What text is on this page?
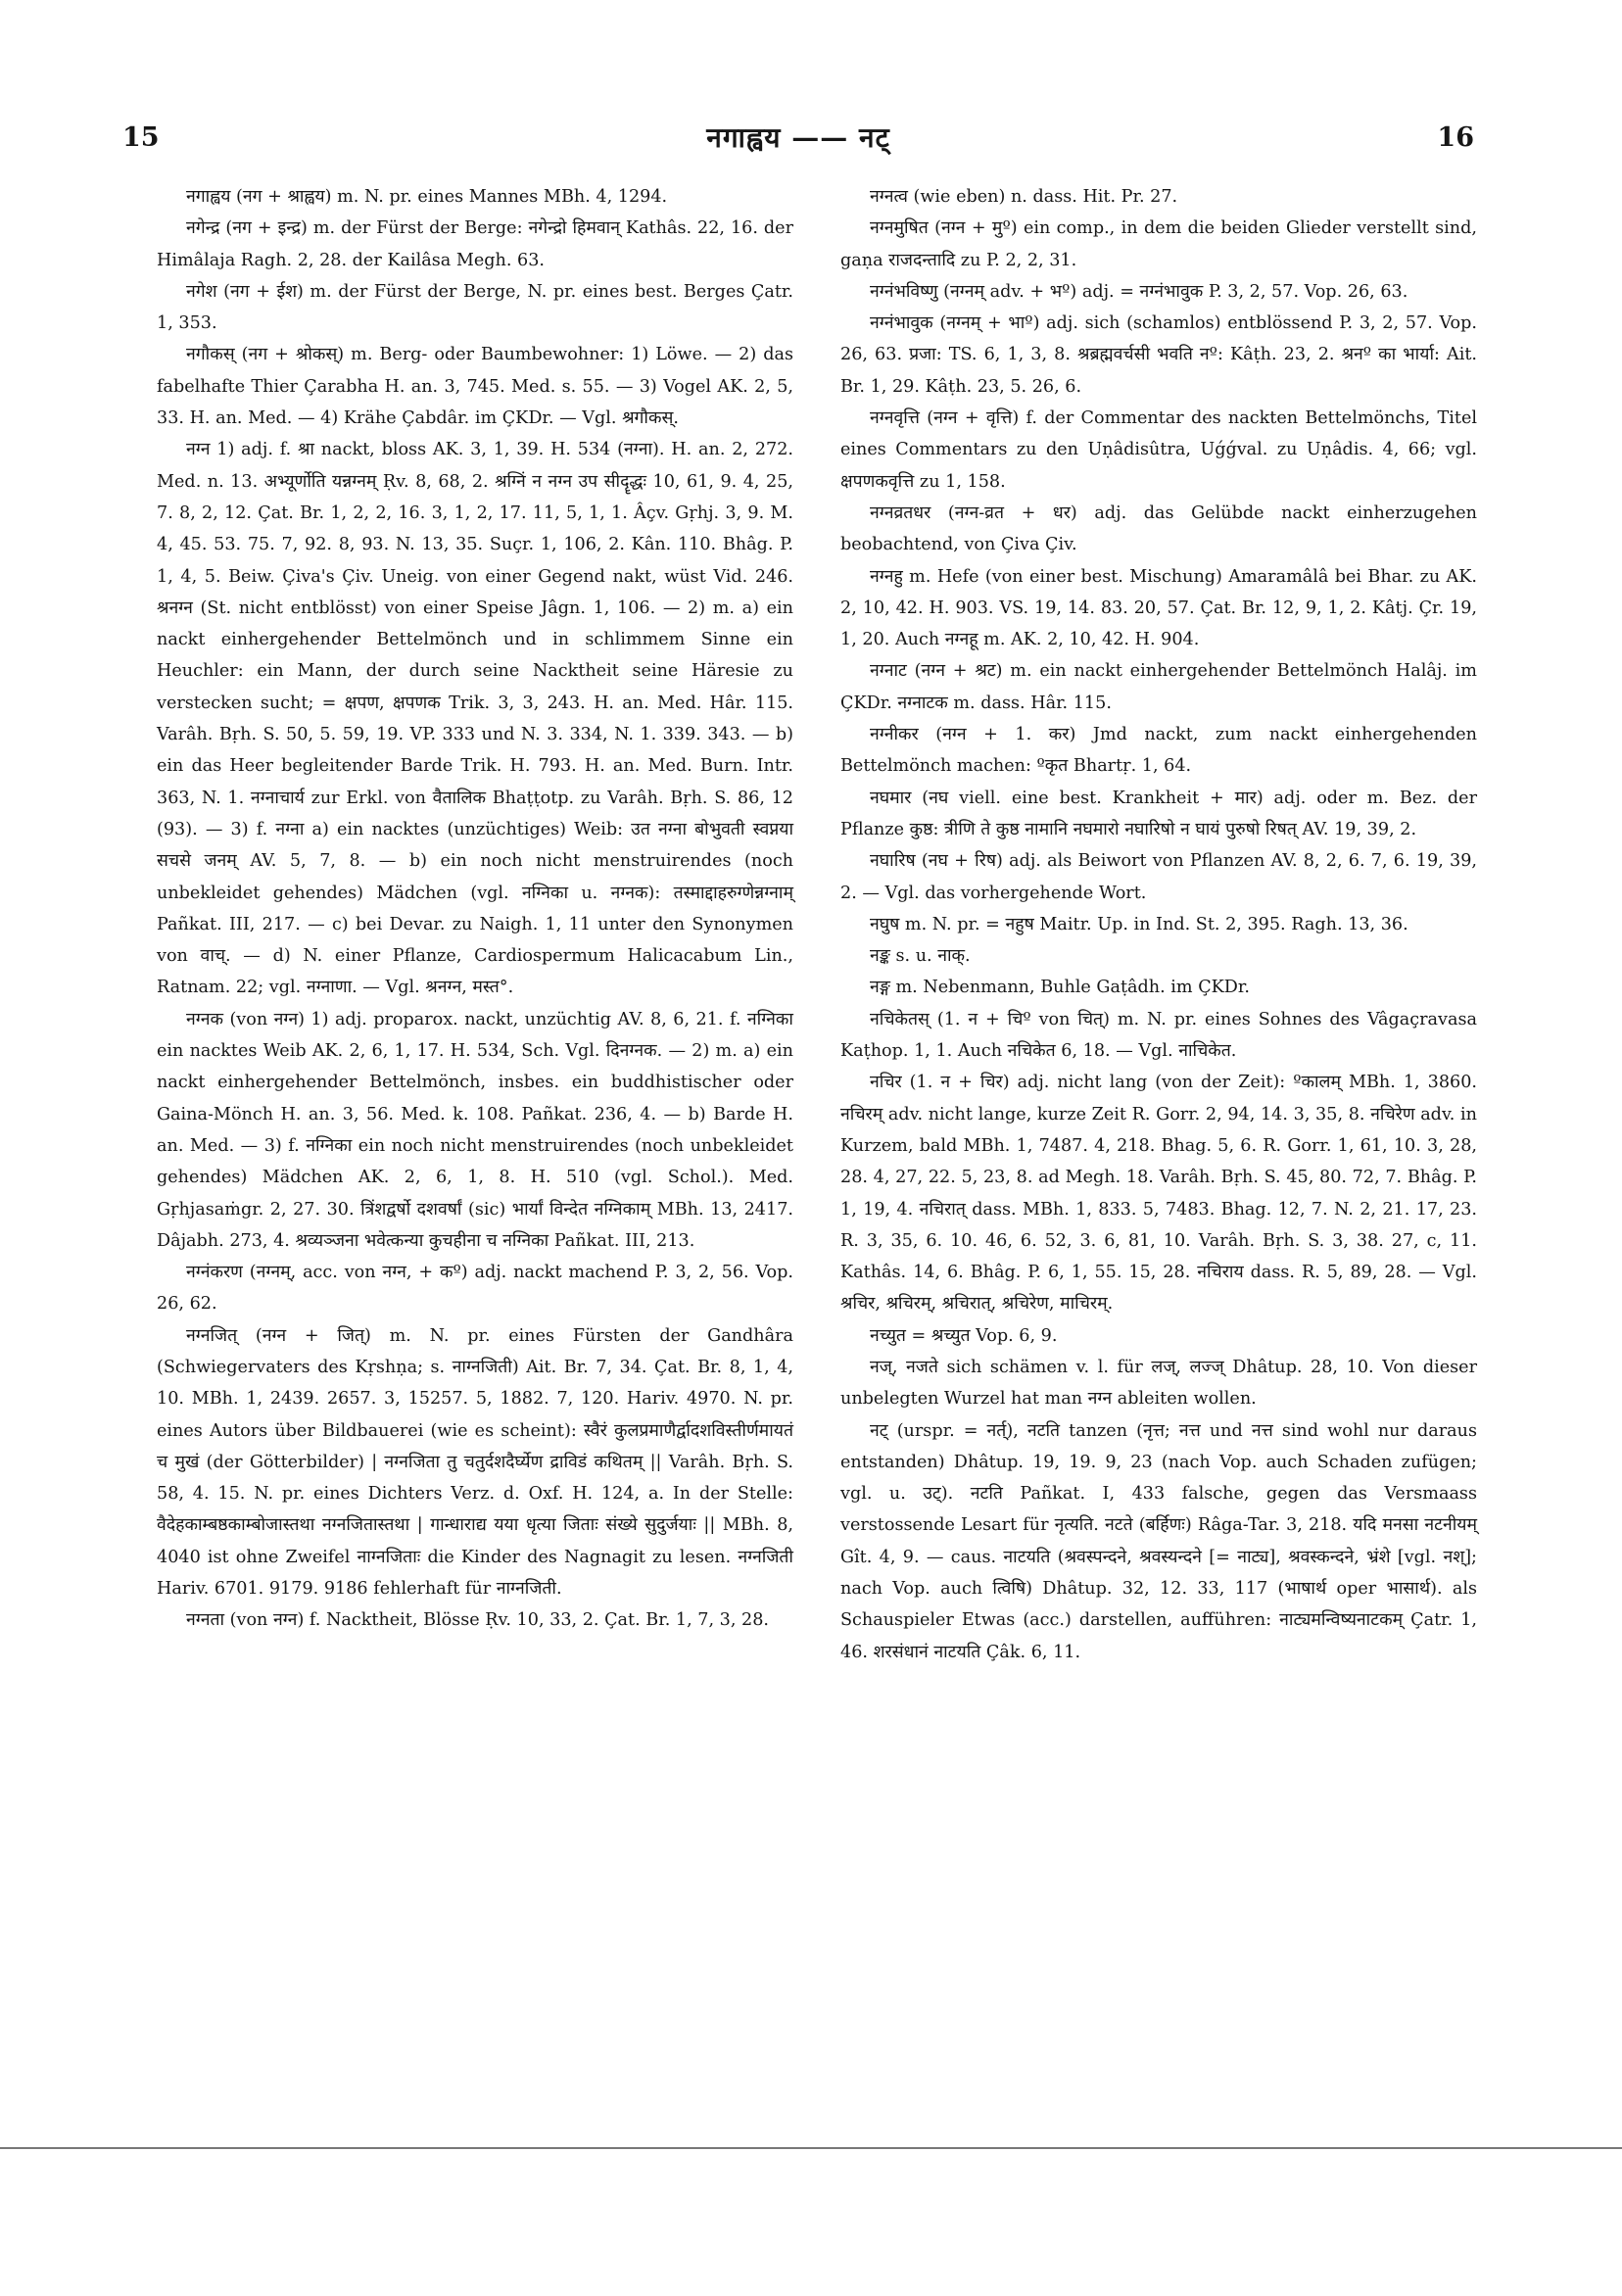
15	नगाह्वय —— नट्	16

नगाह्वय (नग + श्राह्वय) m. N. pr. eines Mannes MBh. 4, 1294.

नगेन्द्र (नग + इन्द्र) m. der Fürst der Berge: नगेन्द्रो हिमवान् Kathâs. 22, 16. der Himâlaja Ragh. 2, 28. der Kailâsa Megh. 63.

नगेश (नग + ईश) m. der Fürst der Berge, N. pr. eines best. Berges Çatr. 1, 353.

नगौकस् (नग + श्रोकस्) m. Berg- oder Baumbewohner: 1) Löwe. — 2) das fabelhafte Thier Çarabha H. an. 3, 745. Med. s. 55. — 3) Vogel AK. 2, 5, 33. H. an. Med. — 4) Krähe Çabdâr. im ÇKDr. — Vgl. श्रगौकस्.

नग्न 1) adj. f. श्रा nackt, bloss AK. 3, 1, 39. H. 534 (नग्ना). H. an. 2, 272. Med. n. 13. अभ्यूर्णोति यन्नग्नम् Ṛv. 8, 68, 2. श्रग्निं न नग्न उप सीदॄद्धः 10, 61, 9. 4, 25, 7. 8, 2, 12. Çat. Br. 1, 2, 2, 16. 3, 1, 2, 17. 11, 5, 1, 1. Âçv. Gṛhj. 3, 9. M. 4, 45. 53. 75. 7, 92. 8, 93. N. 13, 35. Suçr. 1, 106, 2. Kân. 110. Bhâg. P. 1, 4, 5. Beiw. Çiva's Çiv. Uneig. von einer Gegend nakt, wüst Vid. 246. श्रनग्न (St. nicht entblösst) von einer Speise Jâgn. 1, 106. — 2) m. a) ein nackt einhergehender Bettelmönch und in schlimmem Sinne ein Heuchler: ein Mann, der durch seine Nacktheit seine Häresie zu verstecken sucht; = क्षपण, क्षपणक Trik. 3, 3, 243. H. an. Med. Hâr. 115. Varâh. Bṛh. S. 50, 5. 59, 19. VP. 333 und N. 3. 334, N. 1. 339. 343. — b) ein das Heer begleitender Barde Trik. H. 793. H. an. Med. Burn. Intr. 363, N. 1. नग्नाचार्य zur Erkl. von वैतालिक Bhaṭṭotp. zu Varâh. Bṛh. S. 86, 12 (93). — 3) f. नग्ना a) ein nacktes (unzüchtiges) Weib: उत नग्ना बोभुवती स्वप्नया सचसे जनम् AV. 5, 7, 8. — b) ein noch nicht menstruirendes (noch unbekleidet gehendes) Mädchen (vgl. नग्निका u. नग्नक): तस्माद्दाहरुग्णेन्नग्नाम् Pañkat. III, 217. — c) bei Devar. zu Naigh. 1, 11 unter den Synonymen von वाच्. — d) N. einer Pflanze, Cardiospermum Halicacabum Lin., Ratnam. 22; vgl. नग्नाणा. — Vgl. श्रनग्न, मस्त°.

नग्नक (von नग्न) 1) adj. proparox. nackt, unzüchtig AV. 8, 6, 21. f. नग्निका ein nacktes Weib AK. 2, 6, 1, 17. H. 534, Sch. Vgl. दिनग्नक. — 2) m. a) ein nackt einhergehender Bettelmönch, insbes. ein buddhistischer oder Gaina-Mönch H. an. 3, 56. Med. k. 108. Pañkat. 236, 4. — b) Barde H. an. Med. — 3) f. नग्निका ein noch nicht menstruirendes (noch unbekleidet gehendes) Mädchen AK. 2, 6, 1, 8. H. 510 (vgl. Schol.). Med. Gṛhjasaṁgr. 2, 27. 30. त्रिंशद्वर्षो दशवर्षां (sic) भार्यां विन्देत नग्निकाम् MBh. 13, 2417. Dâjabh. 273, 4. श्रव्यञ्जना भवेत्कन्या कुचहीना च नग्निका Pañkat. III, 213.

नग्नंकरण (नग्नम्, acc. von नग्न, + कº) adj. nackt machend P. 3, 2, 56. Vop. 26, 62.

नग्नजित् (नग्न + जित्) m. N. pr. eines Fürsten der Gandhâra (Schwiegervaters des Kṛshṇa; s. नाग्नजिती) Ait. Br. 7, 34. Çat. Br. 8, 1, 4, 10. MBh. 1, 2439. 2657. 3, 15257. 5, 1882. 7, 120. Hariv. 4970. N. pr. eines Autors über Bildbauerei (wie es scheint): स्वैरं कुलप्रमाणैर्द्वादशविस्तीर्णमायतं च मुखं (der Götterbilder) | नग्नजिता तु चतुर्दशदैर्घ्येण द्राविडं कथितम् || Varâh. Bṛh. S. 58, 4. 15. N. pr. eines Dichters Verz. d. Oxf. H. 124, a. In der Stelle: वैदेहकाम्बष्ठकाम्बोजास्तथा नग्नजितास्तथा | गान्धाराद्य यया धृत्या जिताः संख्ये सुदुर्जयाः || MBh. 8, 4040 ist ohne Zweifel नाग्नजिताः die Kinder des Nagnagit zu lesen. नग्नजिती Hariv. 6701. 9179. 9186 fehlerhaft für नाग्नजिती.

नग्नता (von नग्न) f. Nacktheit, Blösse Ṛv. 10, 33, 2. Çat. Br. 1, 7, 3, 28.

नग्नत्व (wie eben) n. dass. Hit. Pr. 27.

नग्नमुषित (नग्न + मुº) ein comp., in dem die beiden Glieder verstellt sind, gaṇa राजदन्तादि zu P. 2, 2, 31.

नग्नंभविष्णु (नग्नम् adv. + भº) adj. = नग्नंभावुक P. 3, 2, 57. Vop. 26, 63.

नग्नंभावुक (नग्नम् + भाº) adj. sich (schamlos) entblössend P. 3, 2, 57. Vop. 26, 63. प्रजा: TS. 6, 1, 3, 8. श्रब्रह्मवर्चसी भवति नº: Kâṭh. 23, 2. श्रनº का भार्या: Ait. Br. 1, 29. Kâṭh. 23, 5. 26, 6.

नग्नवृत्ति (नग्न + वृत्ति) f. der Commentar des nackten Bettelmönchs, Titel eines Commentars zu den Uṇâdisûtra, Uǵǵval. zu Uṇâdis. 4, 66; vgl. क्षपणकवृत्ति zu 1, 158.

नग्नव्रतधर (नग्न-व्रत + धर) adj. das Gelübde nackt einherzugehen beobachtend, von Çiva Çiv.

नग्नहु m. Hefe (von einer best. Mischung) Amaramâlâ bei Bhar. zu AK. 2, 10, 42. H. 903. VS. 19, 14. 83. 20, 57. Çat. Br. 12, 9, 1, 2. Kâtj. Çr. 19, 1, 20. Auch नग्नहू m. AK. 2, 10, 42. H. 904.

नग्नाट (नग्न + श्रट) m. ein nackt einhergehender Bettelmönch Halâj. im ÇKDr. नग्नाटक m. dass. Hâr. 115.

नग्नीकर (नग्न + 1. कर) Jmd nackt, zum nackt einhergehenden Bettelmönch machen: ºकृत Bhartṛ. 1, 64.

नघमार (नघ viell. eine best. Krankheit + मार) adj. oder m. Bez. der Pflanze कुष्ठ: त्रीणि ते कुष्ठ नामानि नघमारो नघारिषो न घायं पुरुषो रिषत् AV. 19, 39, 2.

नघारिष (नघ + रिष) adj. als Beiwort von Pflanzen AV. 8, 2, 6. 7, 6. 19, 39, 2. — Vgl. das vorhergehende Wort.

नघुष m. N. pr. = नहुष Maitr. Up. in Ind. St. 2, 395. Ragh. 13, 36.

नङ्क s. u. नाक्.

नङ्ग m. Nebenmann, Buhle Gaṭâdh. im ÇKDr.

नचिकेतस् (1. न + चिº von चित्) m. N. pr. eines Sohnes des Vâgaçravasa Kaṭhop. 1, 1. Auch नचिकेत 6, 18. — Vgl. नाचिकेत.

नचिर (1. न + चिर) adj. nicht lang (von der Zeit): ºकालम् MBh. 1, 3860. नचिरम् adv. nicht lange, kurze Zeit R. Gorr. 2, 94, 14. 3, 35, 8. नचिरेण adv. in Kurzem, bald MBh. 1, 7487. 4, 218. Bhag. 5, 6. R. Gorr. 1, 61, 10. 3, 28, 28. 4, 27, 22. 5, 23, 8. ad Megh. 18. Varâh. Bṛh. S. 45, 80. 72, 7. Bhâg. P. 1, 19, 4. नचिरात् dass. MBh. 1, 833. 5, 7483. Bhag. 12, 7. N. 2, 21. 17, 23. R. 3, 35, 6. 10. 46, 6. 52, 3. 6, 81, 10. Varâh. Bṛh. S. 3, 38. 27, c, 11. Kathâs. 14, 6. Bhâg. P. 6, 1, 55. 15, 28. नचिराय dass. R. 5, 89, 28. — Vgl. श्रचिर, श्रचिरम्, श्रचिरात्, श्रचिरेण, माचिरम्.

नच्युत = श्रच्युत Vop. 6, 9.

नज्, नजते sich schämen v. l. für लज्, लज्ज् Dhâtup. 28, 10. Von dieser unbelegten Wurzel hat man नग्न ableiten wollen.

नट् (urspr. = नर्त्), नटति tanzen (नृत्त; नत्त und नत्त sind wohl nur daraus entstanden) Dhâtup. 19, 19. 9, 23 (nach Vop. auch Schaden zufügen; vgl. u. उट्). नटति Pañkat. I, 433 falsche, gegen das Versmaass verstossende Lesart für नृत्यति. नटते (बर्हिणः) Râga-Tar. 3, 218. यदि मनसा नटनीयम् Gît. 4, 9. — caus. नाटयति (श्रवस्पन्दने, श्रवस्यन्दने [= नाट्य], श्रवस्कन्दने, भ्रंशे [vgl. नश्]; nach Vop. auch त्विषि) Dhâtup. 32, 12. 33, 117 (भाषार्थ oper भासार्थ). als Schauspieler Etwas (acc.) darstellen, aufführen: नाट्यमन्विष्यनाटकम् Çatr. 1, 46. शरसंधानं नाटयति Çâk. 6, 11.
